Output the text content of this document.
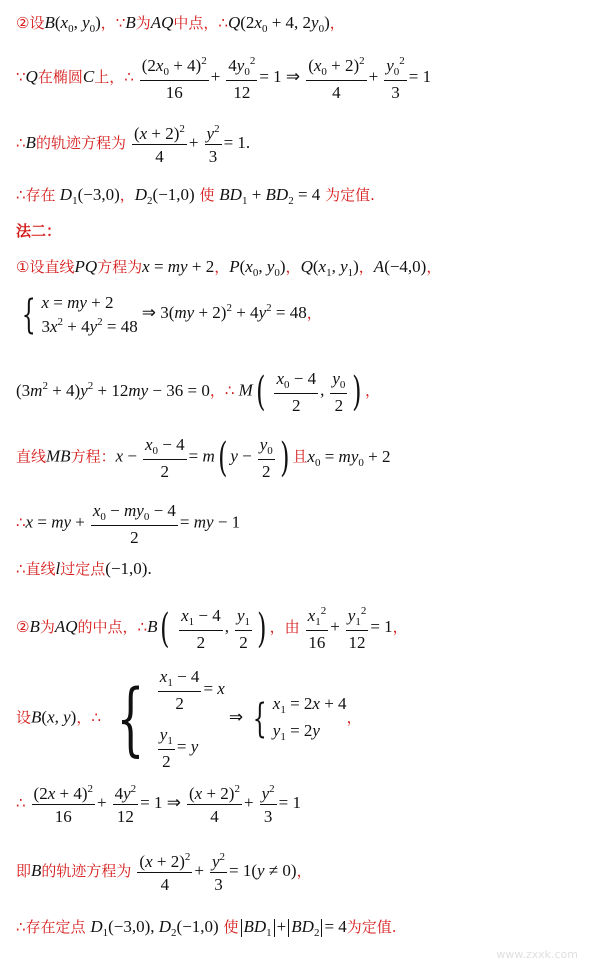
②设$B(x_0$, $y_0$)，∵B为AQ中点，$\therefore Q(2x_0 + 4$, $2y_0$)，
∵Q在椭圆C上，∴ $\frac{(2x_0 + 4)^2}{16} + \frac{4y_0^2}{12} = 1$ ⇒ $\frac{(x_0 + 2)^2}{4} + \frac{y_0^2}{3} = 1$
∴B的轨迹方程为 $\frac{(x + 2)^2}{4} + \frac{y^2}{3} = 1$.
∴存在 $D_1(-3,0)$，$D_2(-1,0)$ 使 $BD_1 + BD_2 = 4$ 为定值.
法二：
①设直线PQ方程为x = my + 2，$P(x_0$, $y_0$)，$Q(x_1$, $y_1$)，A(−4,0)，
{ x = my + 2
$3x^2 + 4y^2 = 48$
⇒ $3(my + 2)^2 + 4y^2 = 48$，
$(3m^2 + 4)y^2 + 12my - 36 = 0$，∴ $M( \frac{x_0 - 4}{2}$ , $\frac{y_0}{2}$ ) ，
直线MB方程：$x - \frac{x_0 - 4}{2} = m$( $y - \frac{y_0}{2}$ ) 且$x_0 = my_0 + 2$
∴x = my + $\frac{x_0 - my_0 - 4}{2}$ = my − 1
∴直线l过定点(−1,0).
②B为AQ的中点，∴B( $\frac{x_1 - 4}{2}$ , $\frac{y_1}{2}$ ) ，由 $\frac{x_1^2}{16} + \frac{y_1^2}{12} = 1$，
设B(x, y)，∴ { $\frac{x_1 - 4}{2} = x$
$\frac{y_1}{2} = y$
⇒ { $x_1 = 2x + 4$
$y_1 = 2y$
，
∴ $\frac{(2x + 4)^2}{16} + \frac{4y^2}{12} = 1$ ⇒ $\frac{(x + 2)^2}{4} + \frac{y^2}{3} = 1$
即B的轨迹方程为 $\frac{(x + 2)^2}{4} + \frac{y^2}{3} = 1(y \ne 0)$，
∴存在定点 $D_1(-3,0)$, $D_2(-1,0)$ 使 $BD_1 + BD_2 = 4$为定值.
www.zxxk.com
